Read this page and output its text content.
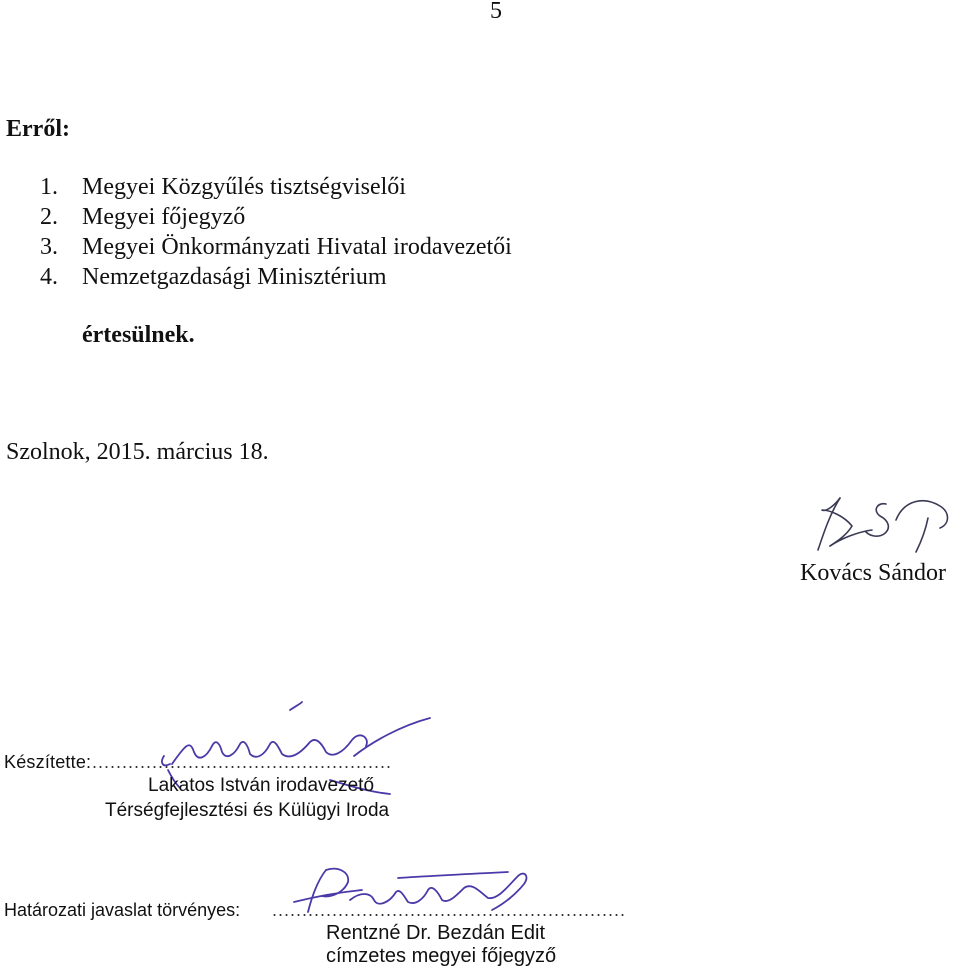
5
Erről:
1.	Megyei Közgyűlés tisztségviselői
2.	Megyei főjegyző
3.	Megyei Önkormányzati Hivatal irodavezetői
4.	Nemzetgazdasági Minisztérium
értesülnek.
Szolnok, 2015. március 18.
Kovács Sándor
Készítette: ..................................................
Lakatos István irodavezető
Térségfejlesztési és Külügyi Iroda
Határozati javaslat törvényes: ...........................................................
Rentzné Dr. Bezdán Edit
címzetes megyei főjegyző
